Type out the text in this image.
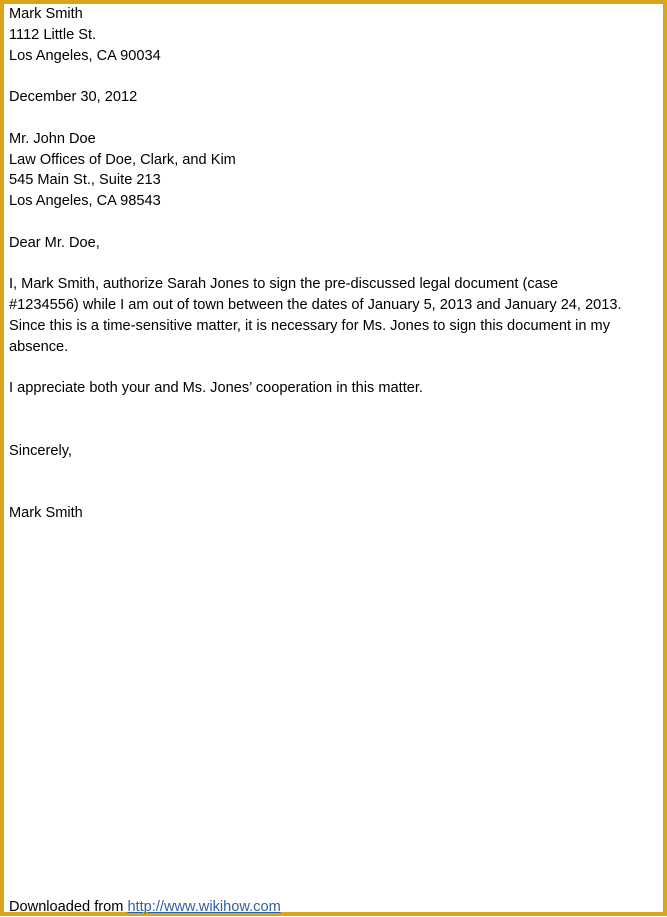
Mark Smith
1112 Little St.
Los Angeles, CA 90034
December 30, 2012
Mr. John Doe
Law Offices of Doe, Clark, and Kim
545 Main St., Suite 213
Los Angeles, CA 98543
Dear Mr. Doe,
I, Mark Smith, authorize Sarah Jones to sign the pre-discussed legal document (case
#1234556) while I am out of town between the dates of January 5, 2013 and January 24, 2013.
Since this is a time-sensitive matter, it is necessary for Ms. Jones to sign this document in my
absence.
I appreciate both your and Ms. Jones’ cooperation in this matter.
Sincerely,
Mark Smith
Downloaded from http://www.wikihow.com
